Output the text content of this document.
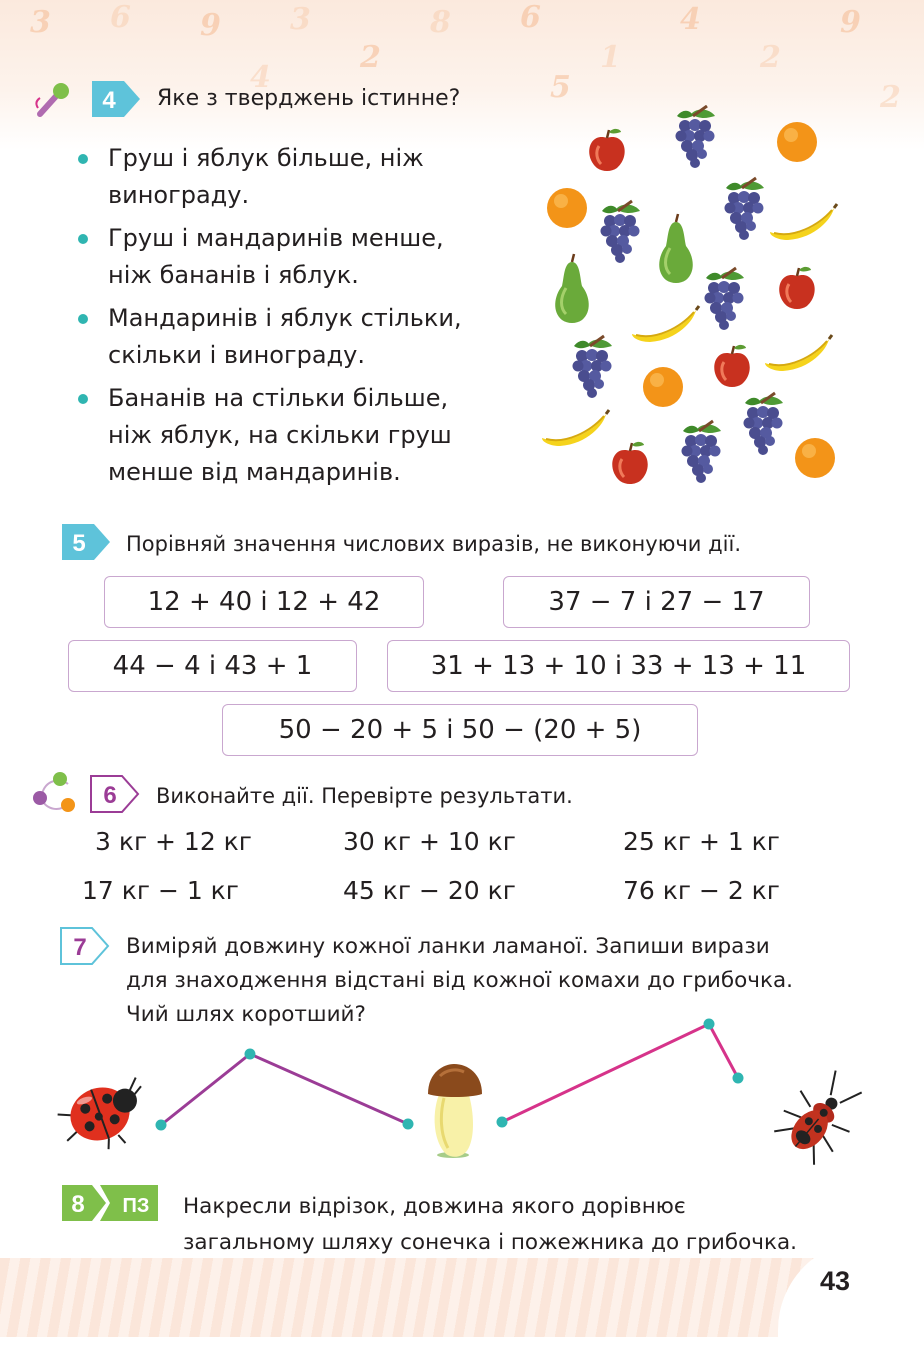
3 6 9 3
2
8 6
1
4
2
9
4	5	2
43
4 Яке з тверджень істинне?
Груш і яблук більше, ніж
винограду.
Груш і мандаринів менше,
ніж бананів і яблук.
Мандаринів і яблук стільки,
скільки і винограду.
Бананів на стільки більше,
ніж яблук, на скільки груш
менше від мандаринів.
5 Порівняй значення числових виразів, не виконуючи дії.
12 + 40 і 12 + 42	37 − 7 і 27 − 17
44 − 4 і 43 + 1	31 + 13 + 10 і 33 + 13 + 11
50 − 20 + 5 і 50 − (20 + 5)
6 Виконайте дії. Перевірте результати.
3 кг + 12 кг	30 кг + 10 кг	25 кг + 1 кг
17 кг − 1 кг	45 кг − 20 кг	76 кг − 2 кг
7 Виміряй довжину кожної ланки ламаної. Запиши вирази
для знаходження відстані від кожної комахи до грибочка.
Чий шлях коротший?
8 ПЗ Накресли відрізок, довжина якого дорівнює
загальному шляху сонечка і пожежника до грибочка.
